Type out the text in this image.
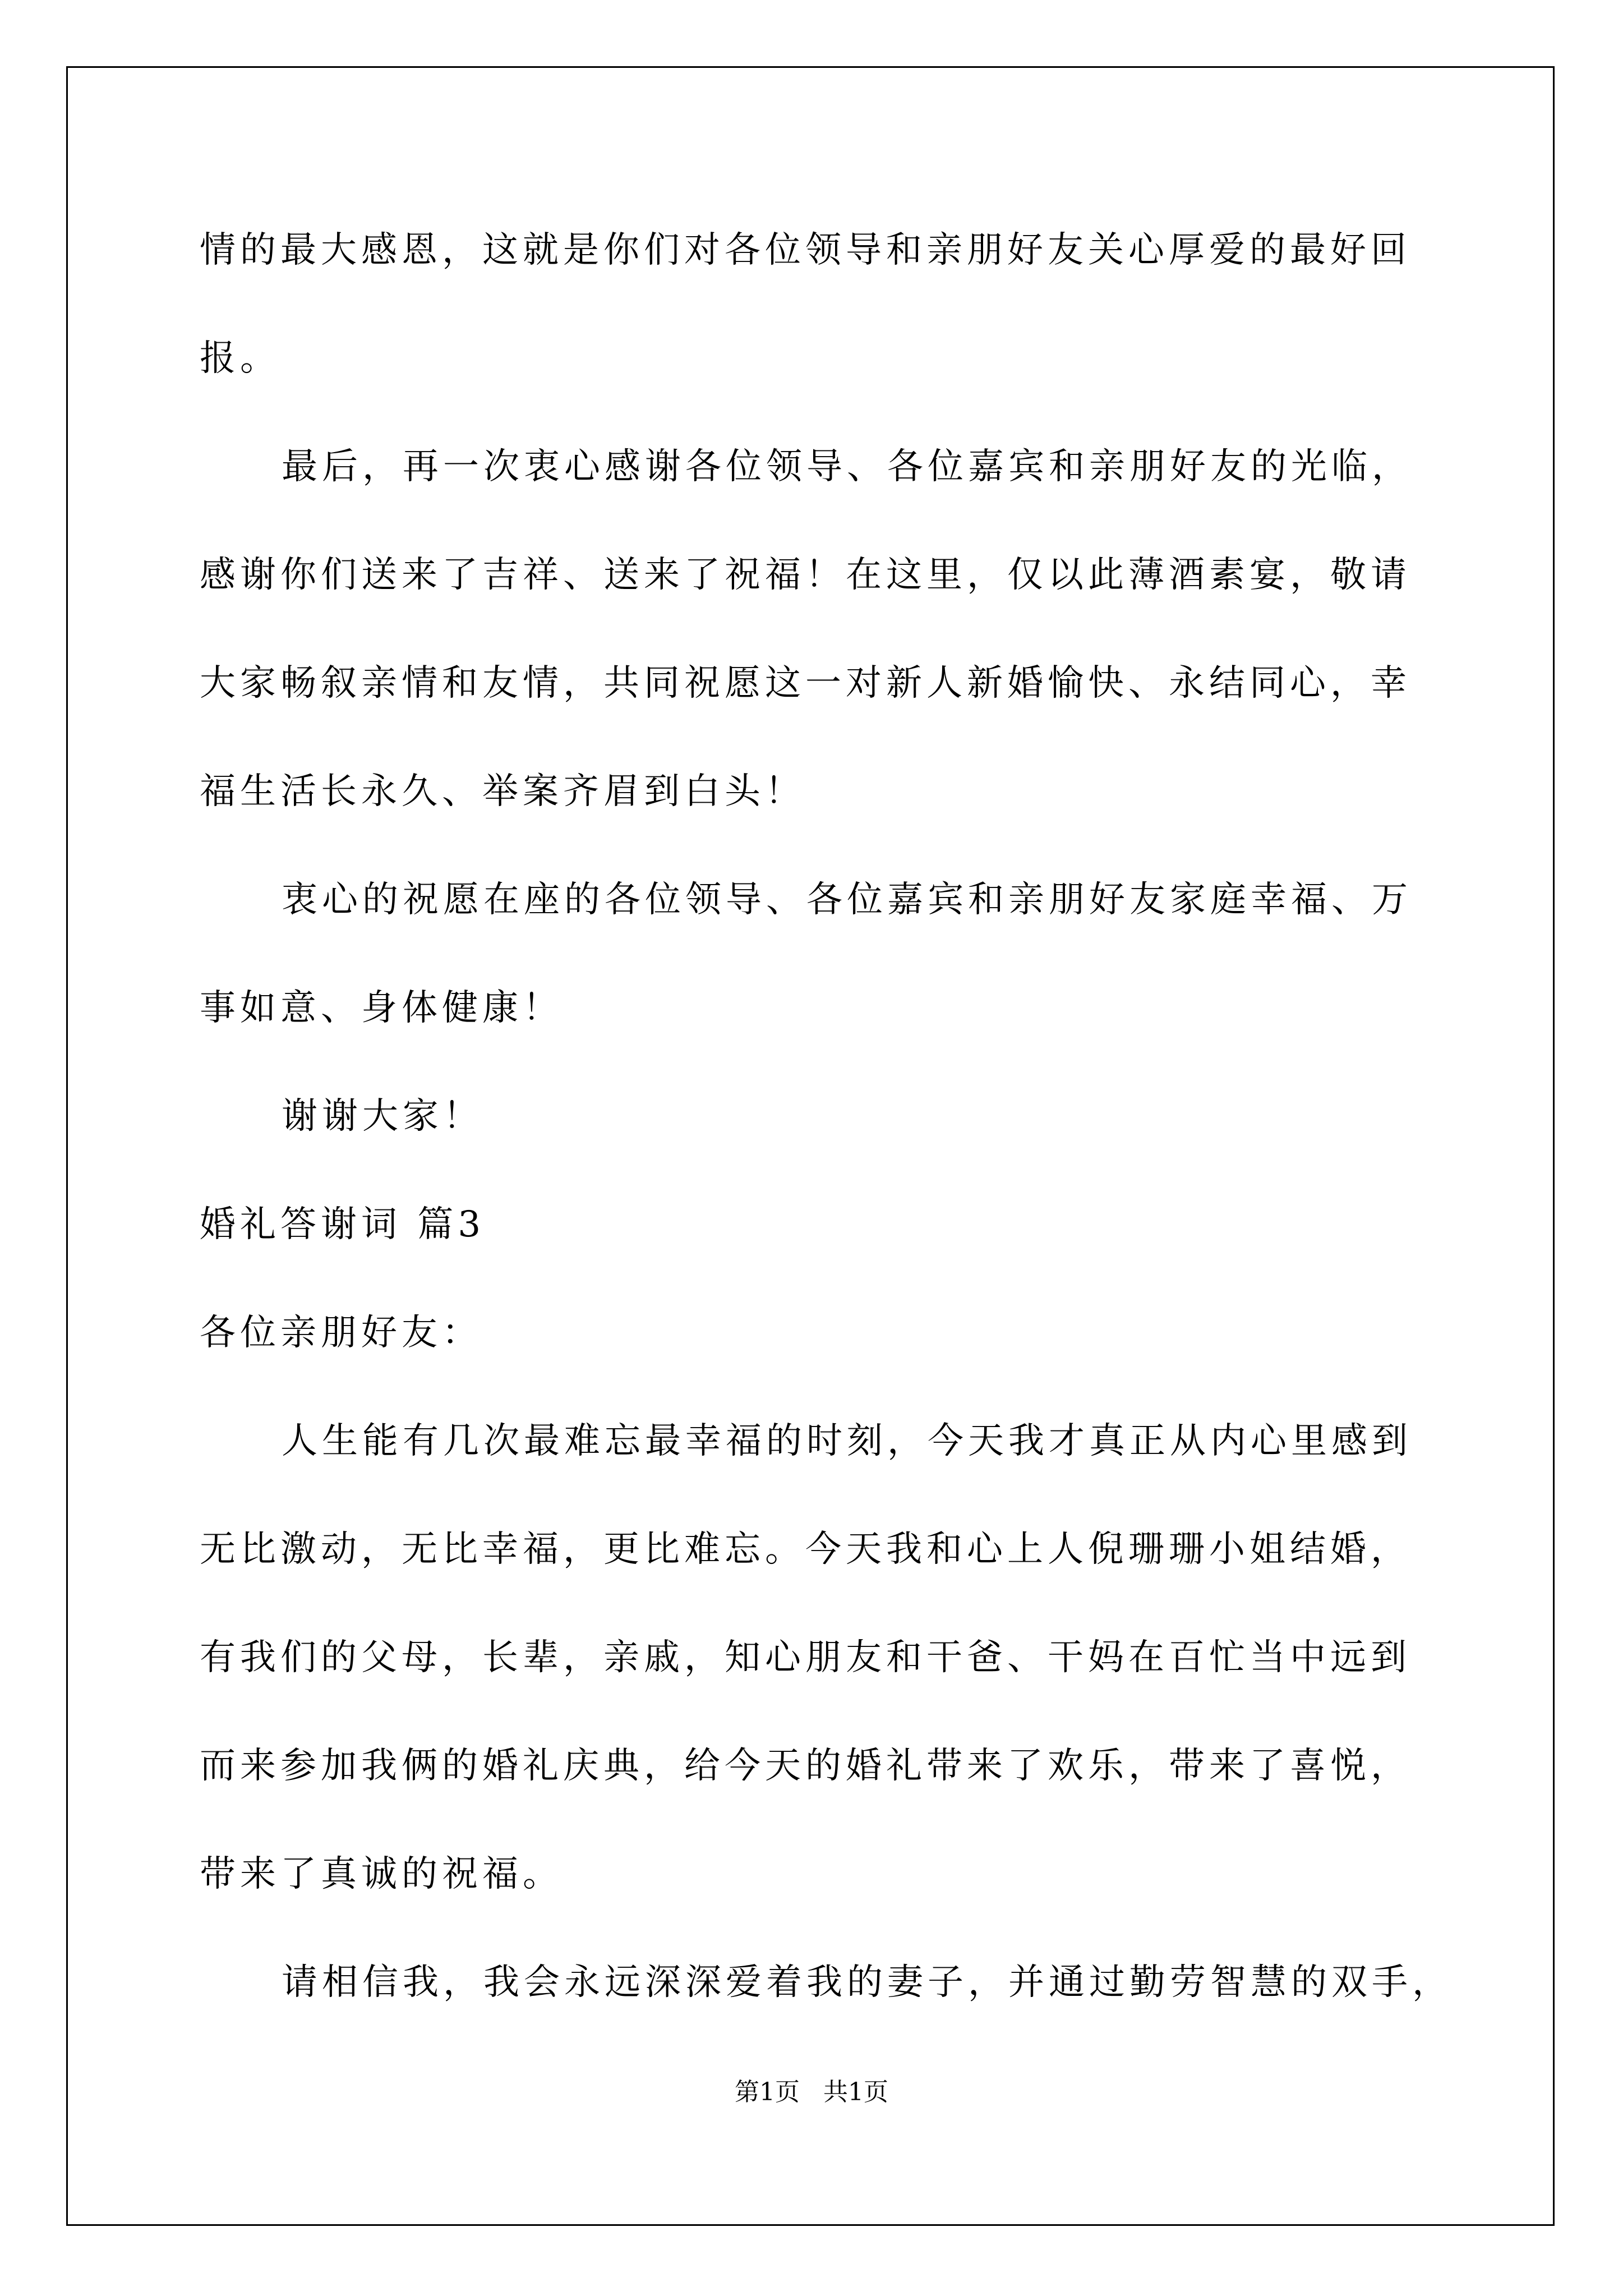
情的最大感恩，这就是你们对各位领导和亲朋好友关心厚爱的最好回
报。
最后，再一次衷心感谢各位领导、各位嘉宾和亲朋好友的光临，
感谢你们送来了吉祥、送来了祝福！在这里，仅以此薄酒素宴，敬请
大家畅叙亲情和友情，共同祝愿这一对新人新婚愉快、永结同心，幸
福生活长永久、举案齐眉到白头！
衷心的祝愿在座的各位领导、各位嘉宾和亲朋好友家庭幸福、万
事如意、身体健康！
谢谢大家！
婚礼答谢词 篇3
各位亲朋好友：
人生能有几次最难忘最幸福的时刻，今天我才真正从内心里感到
无比激动，无比幸福，更比难忘。今天我和心上人倪珊珊小姐结婚，
有我们的父母，长辈，亲戚，知心朋友和干爸、干妈在百忙当中远到
而来参加我俩的婚礼庆典，给今天的婚礼带来了欢乐，带来了喜悦，
带来了真诚的祝福。
请相信我，我会永远深深爱着我的妻子，并通过勤劳智慧的双手，
第1页   共1页
